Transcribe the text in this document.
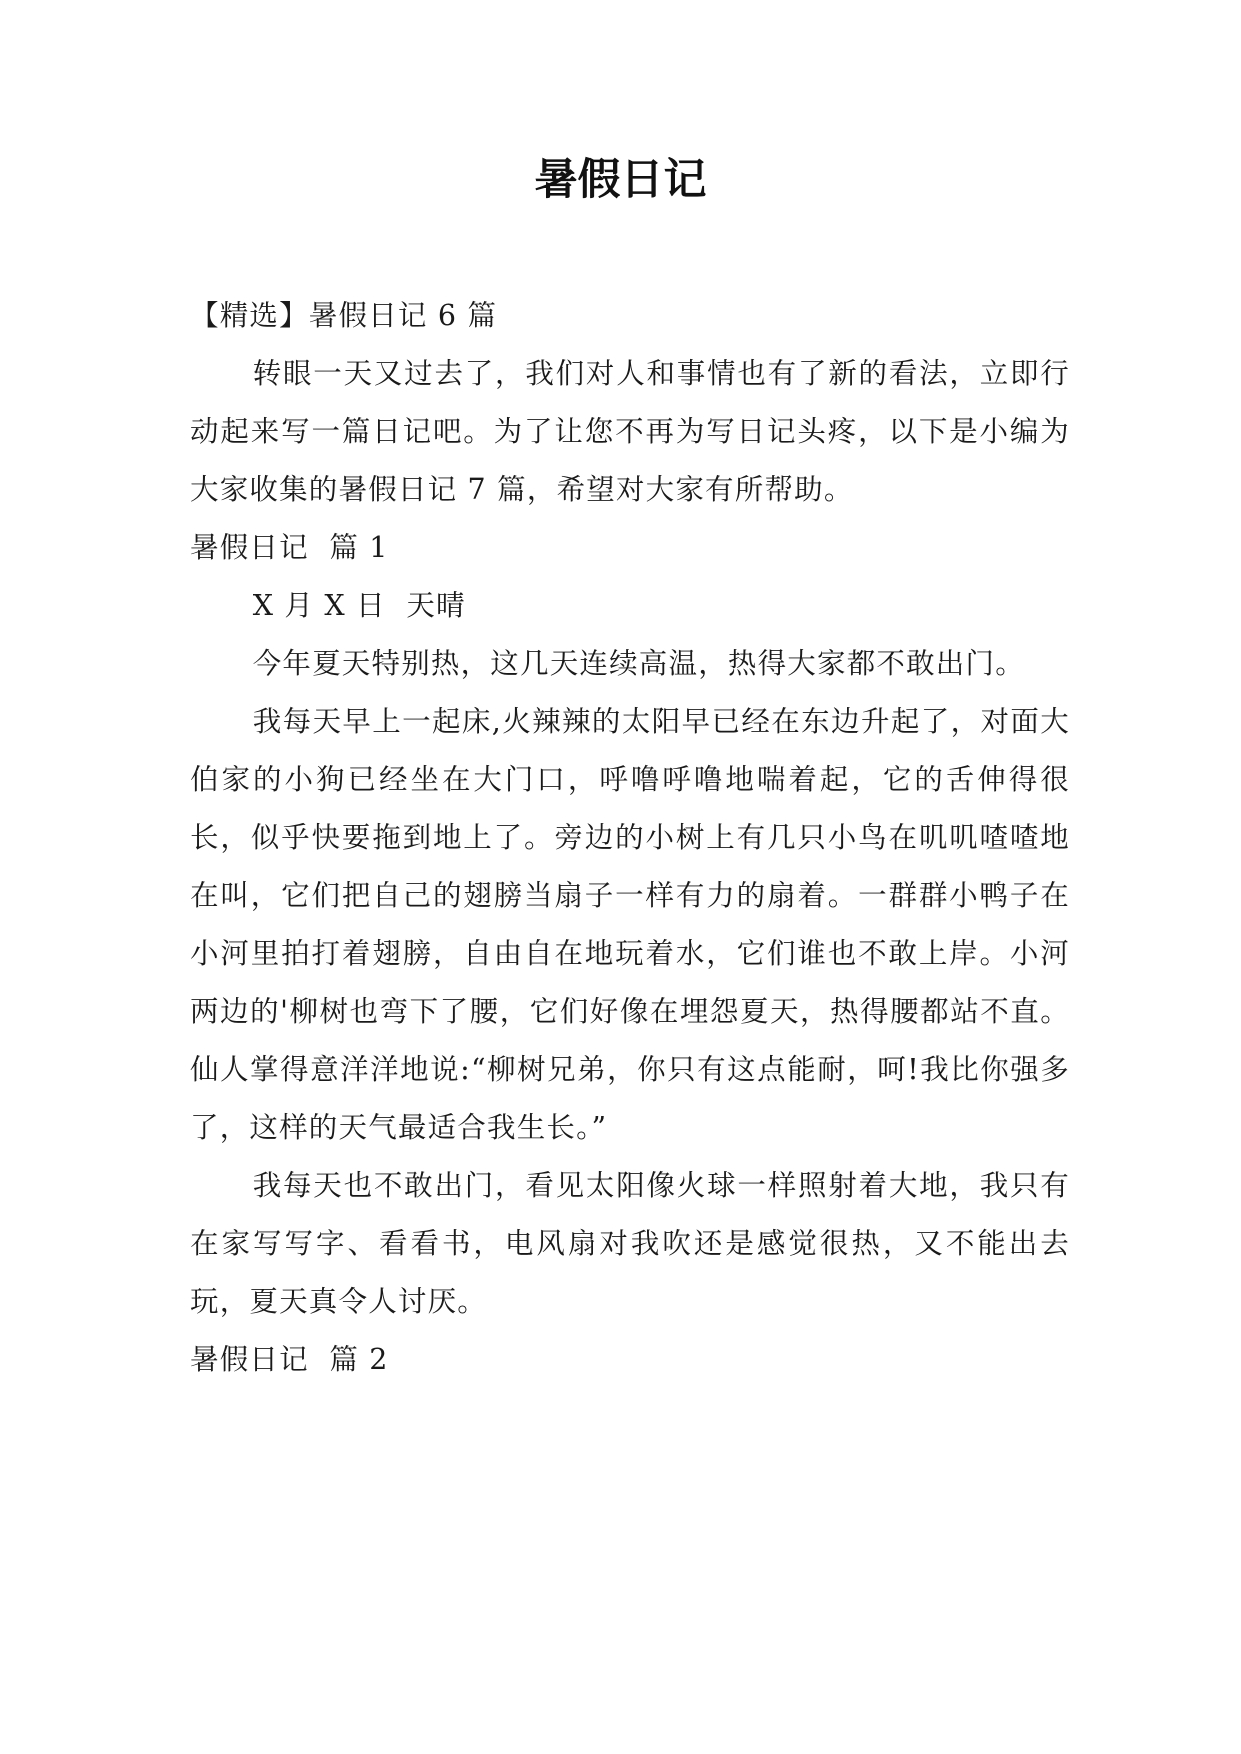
暑假日记

【精选】暑假日记 6 篇

转眼一天又过去了，我们对人和事情也有了新的看法，立即行动起来写一篇日记吧。为了让您不再为写日记头疼，以下是小编为大家收集的暑假日记 7 篇，希望对大家有所帮助。

暑假日记  篇 1

X 月 X 日  天晴

今年夏天特别热，这几天连续高温，热得大家都不敢出门。

我每天早上一起床,火辣辣的太阳早已经在东边升起了，对面大伯家的小狗已经坐在大门口，呼噜呼噜地喘着起，它的舌伸得很长，似乎快要拖到地上了。旁边的小树上有几只小鸟在叽叽喳喳地在叫，它们把自己的翅膀当扇子一样有力的扇着。一群群小鸭子在小河里拍打着翅膀，自由自在地玩着水，它们谁也不敢上岸。小河两边的'柳树也弯下了腰，它们好像在埋怨夏天，热得腰都站不直。仙人掌得意洋洋地说:“柳树兄弟，你只有这点能耐，呵!我比你强多了，这样的天气最适合我生长。”

我每天也不敢出门，看见太阳像火球一样照射着大地，我只有在家写写字、看看书，电风扇对我吹还是感觉很热，又不能出去玩，夏天真令人讨厌。

暑假日记  篇 2
